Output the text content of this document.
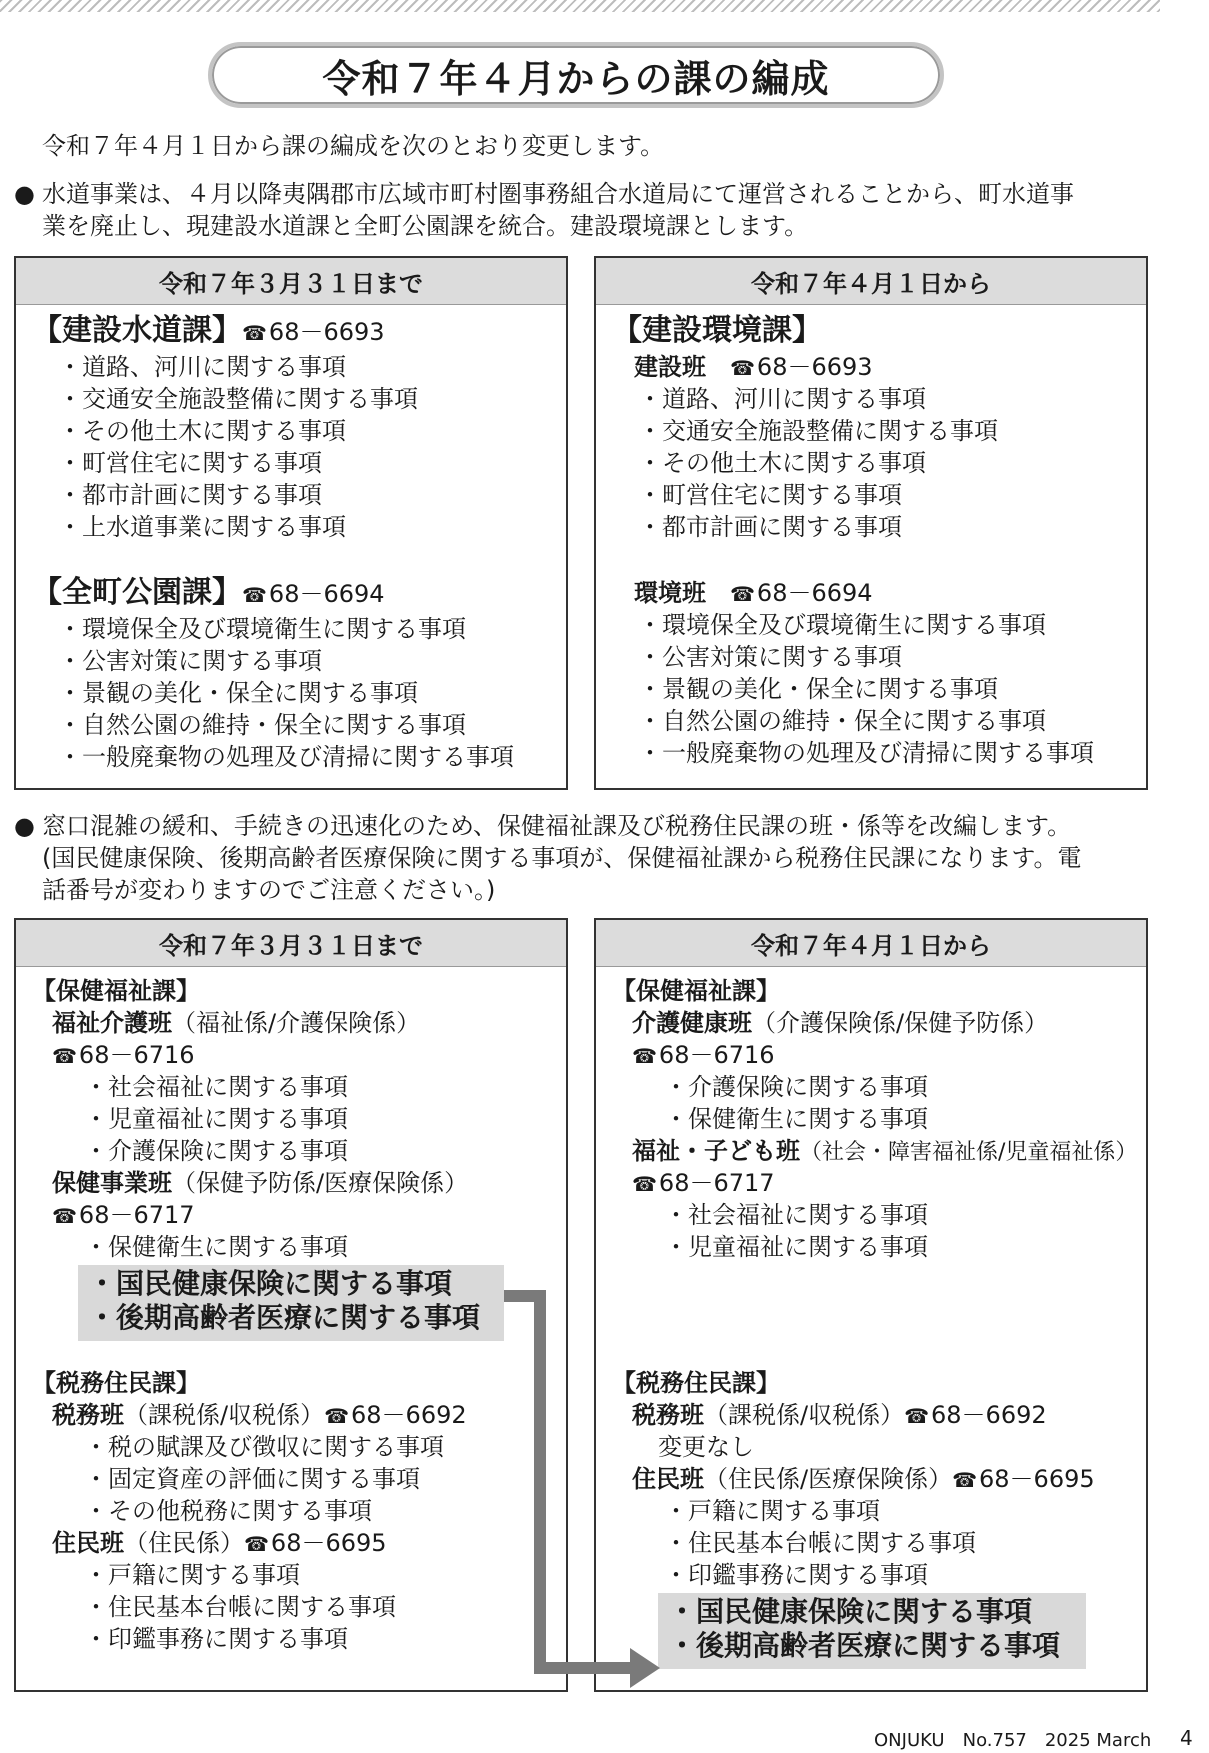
令和７年４月からの課の編成
令和７年４月１日から課の編成を次のとおり変更します。
● 水道事業は、４月以降夷隅郡市広域市町村圏事務組合水道局にて運営されることから、町水道事
業を廃止し、現建設水道課と全町公園課を統合。建設環境課とします。
令和７年３月３１日まで
【建設水道課】☎68－6693
・道路、河川に関する事項
・交通安全施設整備に関する事項
・その他土木に関する事項
・町営住宅に関する事項
・都市計画に関する事項
・上水道事業に関する事項
【全町公園課】☎68－6694
・環境保全及び環境衛生に関する事項
・公害対策に関する事項
・景観の美化・保全に関する事項
・自然公園の維持・保全に関する事項
・一般廃棄物の処理及び清掃に関する事項
令和７年４月１日から
【建設環境課】
建設班　 ☎68－6693
・道路、河川に関する事項
・交通安全施設整備に関する事項
・その他土木に関する事項
・町営住宅に関する事項
・都市計画に関する事項
環境班　 ☎68－6694
・環境保全及び環境衛生に関する事項
・公害対策に関する事項
・景観の美化・保全に関する事項
・自然公園の維持・保全に関する事項
・一般廃棄物の処理及び清掃に関する事項
● 窓口混雑の緩和、手続きの迅速化のため、保健福祉課及び税務住民課の班・係等を改編します。
(国民健康保険、後期高齢者医療保険に関する事項が、保健福祉課から税務住民課になります。電
話番号が変わりますのでご注意ください。)
令和７年３月３１日まで
【保健福祉課】
福祉介護班（福祉係/介護保険係）
☎68－6716
・社会福祉に関する事項
・児童福祉に関する事項
・介護保険に関する事項
保健事業班（保健予防係/医療保険係）
☎68－6717
・保健衛生に関する事項
・国民健康保険に関する事項
・後期高齢者医療に関する事項
【税務住民課】
税務班（課税係/収税係）☎68－6692
・税の賦課及び徴収に関する事項
・固定資産の評価に関する事項
・その他税務に関する事項
住民班（住民係）☎68－6695
・戸籍に関する事項
・住民基本台帳に関する事項
・印鑑事務に関する事項
令和７年４月１日から
【保健福祉課】
介護健康班（介護保険係/保健予防係）
☎68－6716
・介護保険に関する事項
・保健衛生に関する事項
福祉・子ども班（社会・障害福祉係/児童福祉係）
☎68－6717
・社会福祉に関する事項
・児童福祉に関する事項
【税務住民課】
税務班（課税係/収税係）☎68－6692
変更なし
住民班（住民係/医療保険係）☎68－6695
・戸籍に関する事項
・住民基本台帳に関する事項
・印鑑事務に関する事項
・国民健康保険に関する事項
・後期高齢者医療に関する事項
ONJUKU　No.757　2025 March 4
